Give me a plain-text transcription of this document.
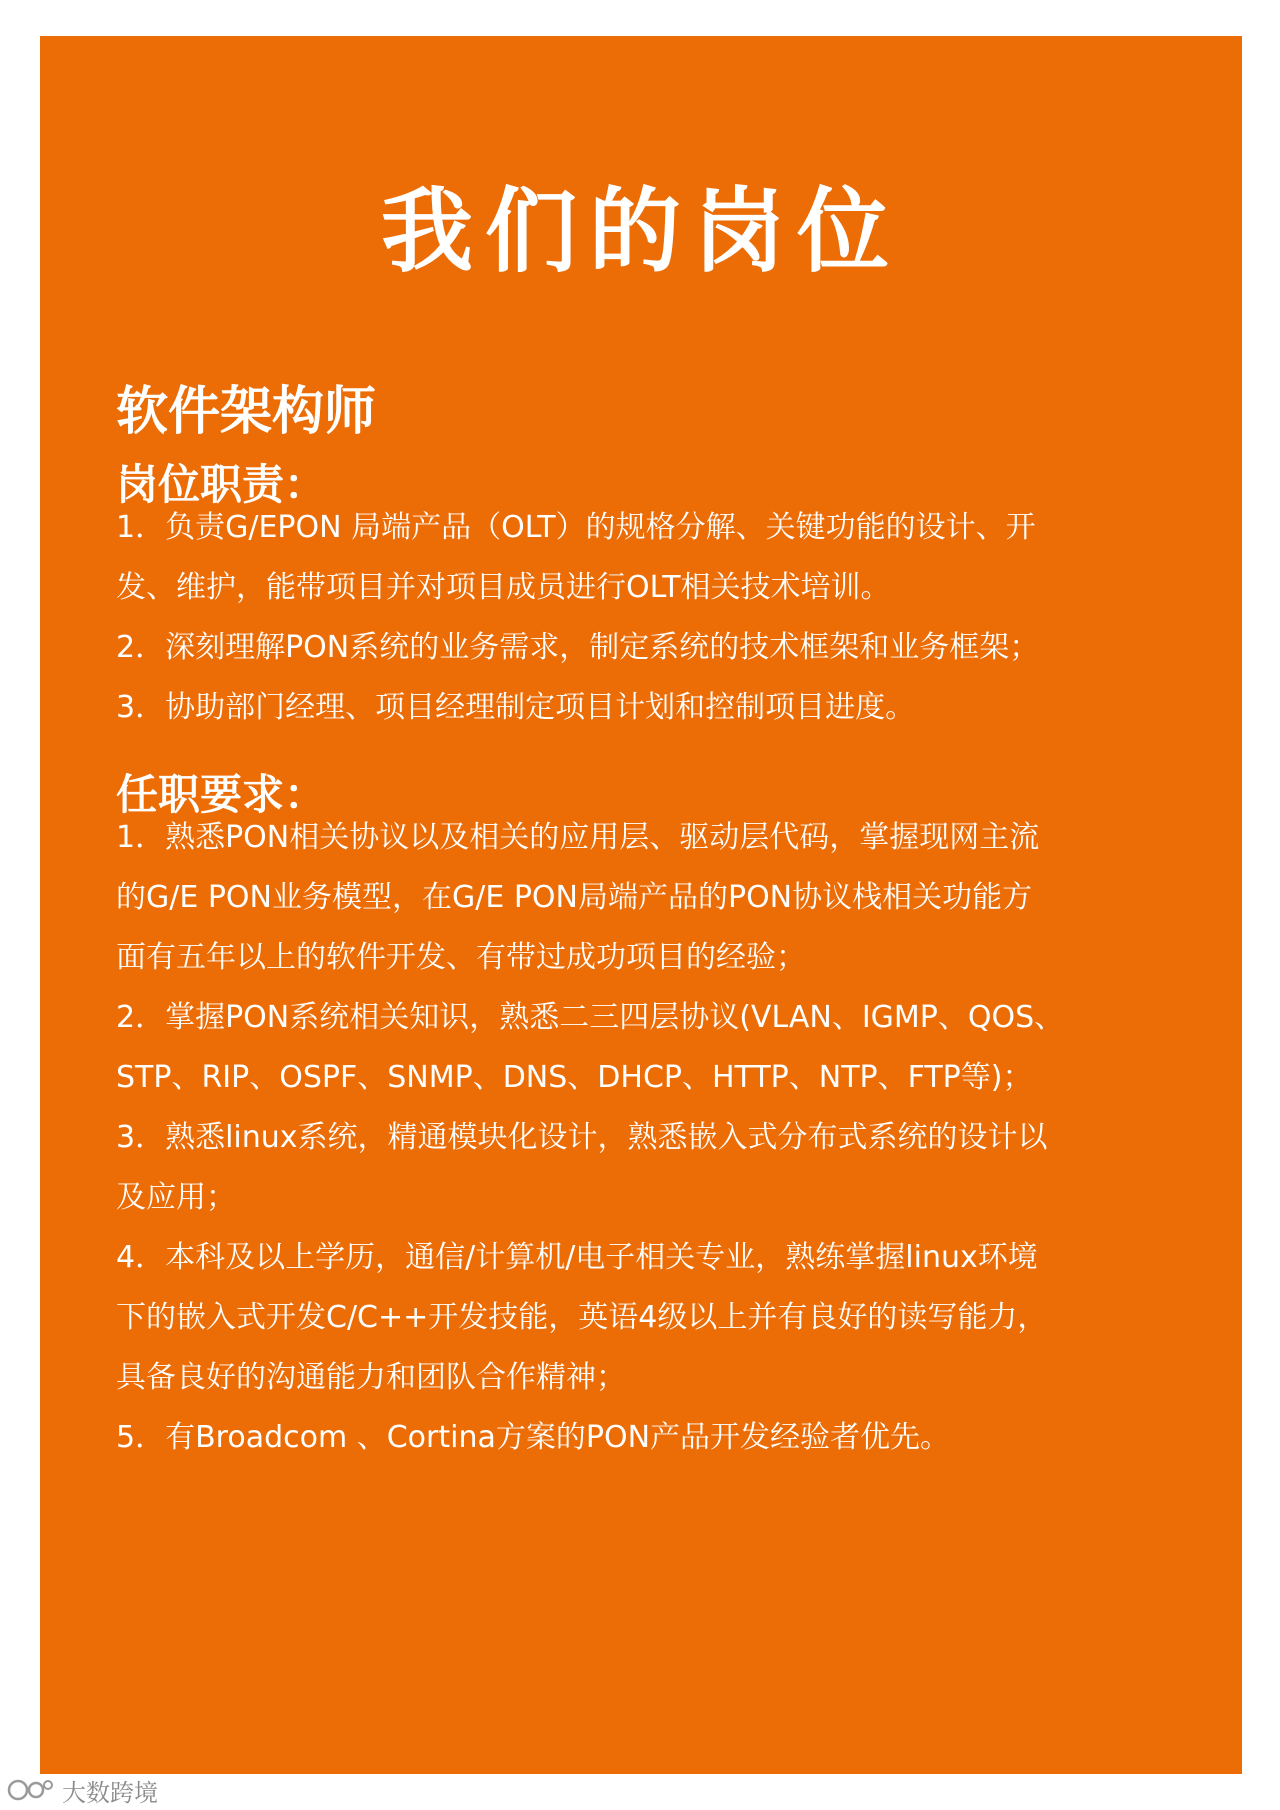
我们的岗位
软件架构师
岗位职责：
1．负责G/EPON 局端产品（OLT）的规格分解、关键功能的设计、开
发、维护，能带项目并对项目成员进行OLT相关技术培训。
2．深刻理解PON系统的业务需求，制定系统的技术框架和业务框架；
3．协助部门经理、项目经理制定项目计划和控制项目进度。
任职要求：
1．熟悉PON相关协议以及相关的应用层、驱动层代码，掌握现网主流
的G/E PON业务模型，在G/E PON局端产品的PON协议栈相关功能方
面有五年以上的软件开发、有带过成功项目的经验；
2．掌握PON系统相关知识，熟悉二三四层协议(VLAN、IGMP、QOS、
STP、RIP、OSPF、SNMP、DNS、DHCP、HTTP、NTP、FTP等)；
3．熟悉linux系统，精通模块化设计，熟悉嵌入式分布式系统的设计以
及应用；
4．本科及以上学历，通信/计算机/电子相关专业，熟练掌握linux环境
下的嵌入式开发C/C++开发技能，英语4级以上并有良好的读写能力，
具备良好的沟通能力和团队合作精神；
5．有Broadcom 、Cortina方案的PON产品开发经验者优先。
大数跨境
